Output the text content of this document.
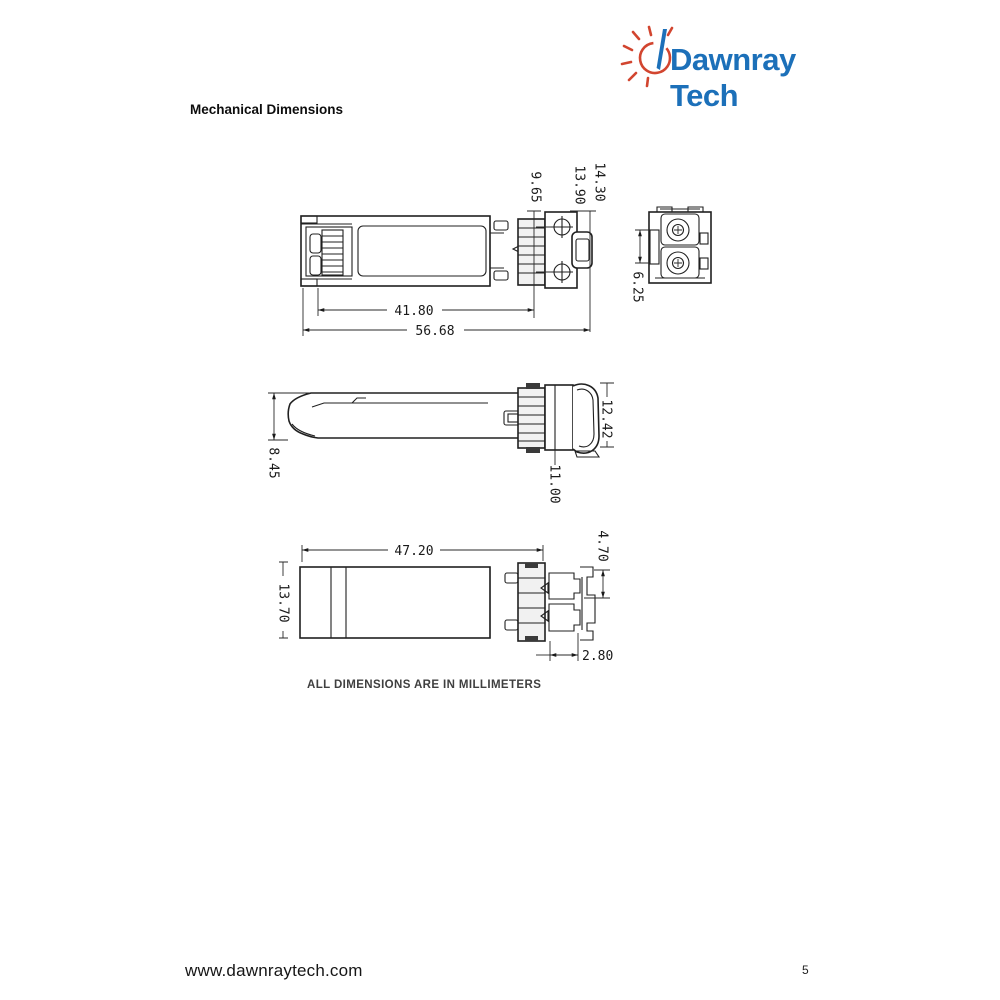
Dawnray Tech
Mechanical Dimensions
9.65 13.90 14.30
41.80
56.68
6.25
8.45
12.42
11.00
47.20
13.70
4.70
2.80
ALL DIMENSIONS ARE IN MILLIMETERS
www.dawnraytech.com	5
